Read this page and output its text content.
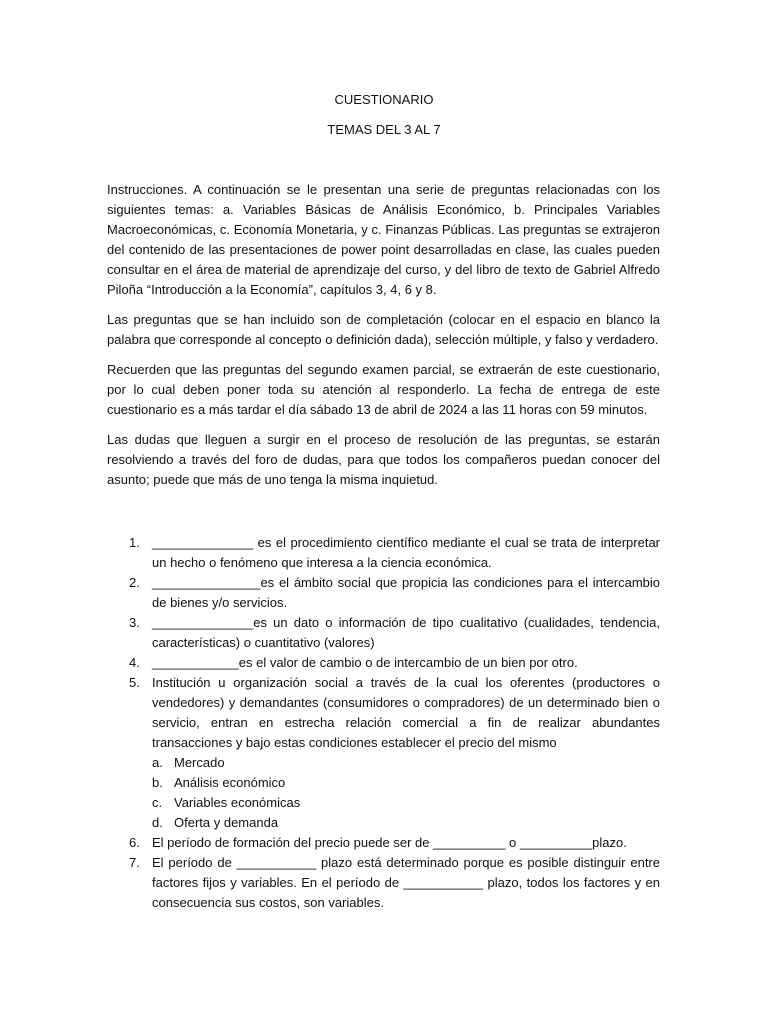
CUESTIONARIO
TEMAS DEL 3 AL 7

Instrucciones. A continuación se le presentan una serie de preguntas relacionadas con los siguientes temas: a. Variables Básicas de Análisis Económico, b. Principales Variables Macroeconómicas, c. Economía Monetaria, y c. Finanzas Públicas. Las preguntas se extrajeron del contenido de las presentaciones de power point desarrolladas en clase, las cuales pueden consultar en el área de material de aprendizaje del curso, y del libro de texto de Gabriel Alfredo Piloña “Introducción a la Economía”, capítulos 3, 4, 6 y 8.

Las preguntas que se han incluido son de completación (colocar en el espacio en blanco la palabra que corresponde al concepto o definición dada), selección múltiple, y falso y verdadero.

Recuerden que las preguntas del segundo examen parcial, se extraerán de este cuestionario, por lo cual deben poner toda su atención al responderlo. La fecha de entrega de este cuestionario es a más tardar el día sábado 13 de abril de 2024 a las 11 horas con 59 minutos.

Las dudas que lleguen a surgir en el proceso de resolución de las preguntas, se estarán resolviendo a través del foro de dudas, para que todos los compañeros puedan conocer del asunto; puede que más de uno tenga la misma inquietud.

1. ______________ es el procedimiento científico mediante el cual se trata de interpretar un hecho o fenómeno que interesa a la ciencia económica.
2. _______________es el ámbito social que propicia las condiciones para el intercambio de bienes y/o servicios.
3. ______________es un dato o información de tipo cualitativo (cualidades, tendencia, características) o cuantitativo (valores)
4. ____________es el valor de cambio o de intercambio de un bien por otro.
5. Institución u organización social a través de la cual los oferentes (productores o vendedores) y demandantes (consumidores o compradores) de un determinado bien o servicio, entran en estrecha relación comercial a fin de realizar abundantes transacciones y bajo estas condiciones establecer el precio del mismo
a. Mercado
b. Análisis económico
c. Variables económicas
d. Oferta y demanda
6. El período de formación del precio puede ser de __________ o __________plazo.
7. El período de ___________ plazo está determinado porque es posible distinguir entre factores fijos y variables. En el período de ___________ plazo, todos los factores y en consecuencia sus costos, son variables.
